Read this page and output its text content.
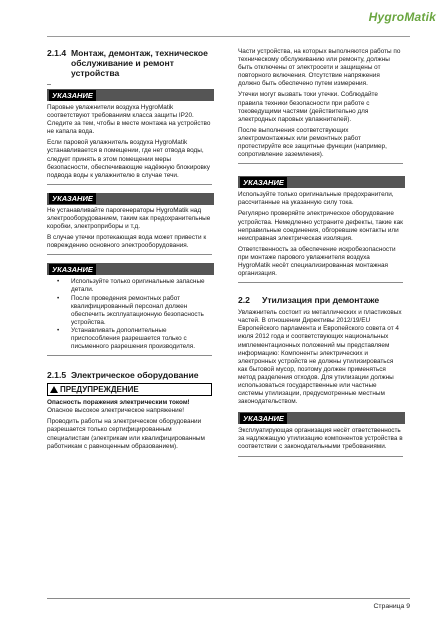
HygroMatik
2.1.4 Монтаж, демонтаж, техническое обслуживание и ремонт устройства
УКАЗАНИЕ

Паровые увлажнители воздуха HygroMatik соответствуют требованиям класса защиты IP20. Следите за тем, чтобы в месте монтажа на устройство не капала вода.

Если паровой увлажнитель воздуха HygroMatik устанавливается в помещении, где нет отвода воды, следует принять в этом помещении меры безопасности, обеспечивающие надёжную блокировку подвода воды к увлажнителю в случае течи.

УКАЗАНИЕ

Не устанавливайте парогенераторы HygroMatik над электрооборудованием, таким как предохранительные коробки, электроприборы и т.д.

В случае утечки протекающая вода может привести к повреждению основного электрооборудования.

УКАЗАНИЕ
• Используйте только оригинальные запасные детали.
• После проведения ремонтных работ квалифицированный персонал должен обеспечить эксплуатационную безопасность устройства.
• Устанавливать дополнительные приспособления разрешается только с письменного разрешения производителя.
2.1.5 Электрическое оборудование
ПРЕДУПРЕЖДЕНИЕ

Опасность поражения электрическим током!

Опасное высокое электрическое напряжение!

Проводить работы на электрическом оборудовании разрешается только сертифицированным специалистам (электрикам или квалифицированным работникам с равноценным образованием).

Части устройства, на которых выполняются работы по техническому обслуживанию или ремонту, должны быть отключены от электросети и защищены от повторного включения. Отсутствие напряжения должно быть обеспечено путем измерения.

Утечки могут вызвать токи утечки. Соблюдайте правила техники безопасности при работе с токоведущими частями (действительно для электродных паровых увлажнителей).

После выполнения соответствующих электромонтажных или ремонтных работ протестируйте все защитные функции (например, сопротивление заземления).

УКАЗАНИЕ

Используйте только оригинальные предохранители, рассчитанные на указанную силу тока.

Регулярно проверяйте электрическое оборудование устройства. Немедленно устраните дефекты, такие как неправильные соединения, обгоревшие контакты или неисправная электрическая изоляция.

Ответственность за обеспечение искробезопасности при монтаже парового увлажнителя воздуха HygroMatik несёт специализированная монтажная организация.

2.2	Утилизация при демонтаже

Увлажнитель состоит из металлических и пластиковых частей. В отношении Директивы 2012/19/EU Европейского парламента и Европейского совета от 4 июля 2012 года и соответствующих национальных имплементационных положений мы представляем информацию: Компоненты электрических и электронных устройств не должны утилизироваться как бытовой мусор, поэтому должен применяться метод разделения отходов. Для утилизации должны использоваться государственные или частные системы утилизации, предусмотренные местным законодательством.

УКАЗАНИЕ

Эксплуатирующая организация несёт ответственность за надлежащую утилизацию компонентов устройства в соответствии с законодательными требованиями.

Страница 9
